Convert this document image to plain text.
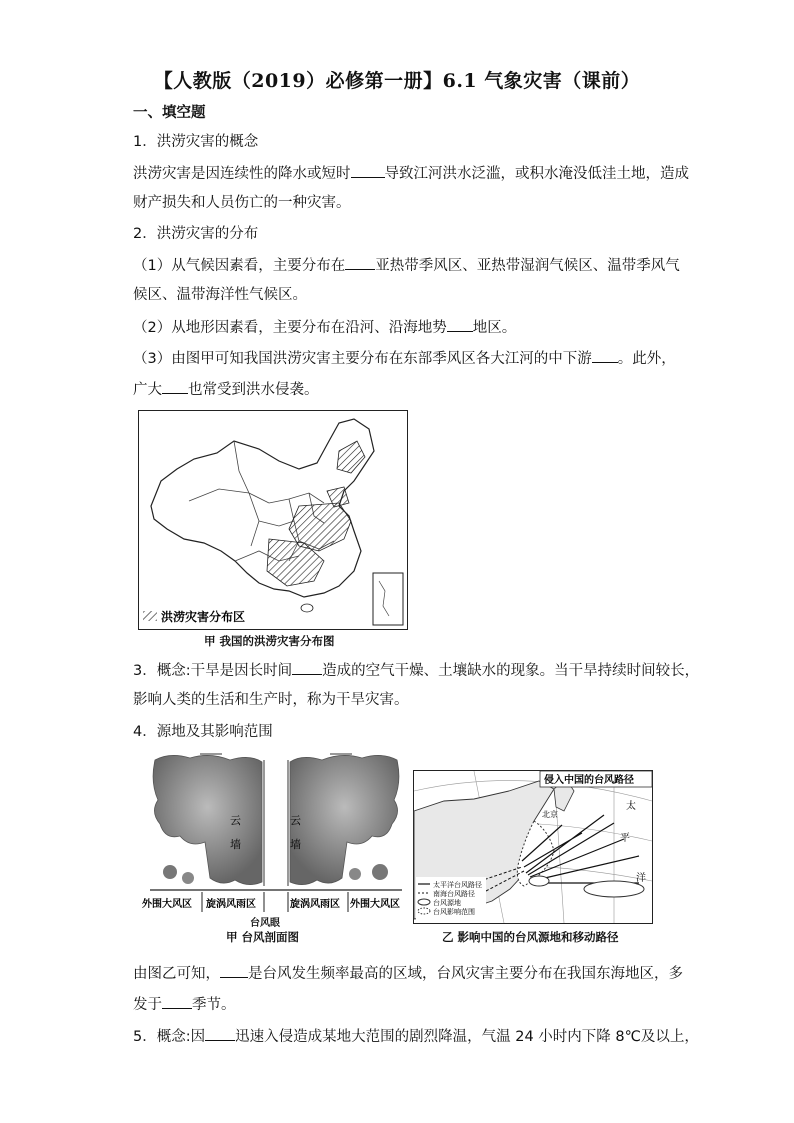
【人教版（2019）必修第一册】6.1 气象灾害（课前）
一、填空题
1．洪涝灾害的概念
洪涝灾害是因连续性的降水或短时 导致江河洪水泛滥，或积水淹没低洼土地，造成
财产损失和人员伤亡的一种灾害。
2．洪涝灾害的分布
（1）从气候因素看，主要分布在 亚热带季风区、亚热带湿润气候区、温带季风气
候区、温带海洋性气候区。
（2）从地形因素看，主要分布在沿河、沿海地势 地区。
（3）由图甲可知我国洪涝灾害主要分布在东部季风区各大江河的中下游 。此外，
广大 也常受到洪水侵袭。
洪涝灾害分布区
甲 我国的洪涝灾害分布图
3．概念:干旱是因长时间 造成的空气干燥、土壤缺水的现象。当干旱持续时间较长，
影响人类的生活和生产时，称为干旱灾害。
4．源地及其影响范围
云
墙
云
墙
外围大风区 旋涡风雨区	旋涡风雨区 外围大风区
台风眼
甲 台风剖面图
侵入中国的台风路径
北京
太
平
洋
太平洋台风路径
南海台风路径
台风源地
台风影响范围
乙 影响中国的台风源地和移动路径
由图乙可知， 是台风发生频率最高的区域，台风灾害主要分布在我国东海地区，多
发于 季节。
5．概念:因 迅速入侵造成某地大范围的剧烈降温，气温 24 小时内下降 8℃及以上，
